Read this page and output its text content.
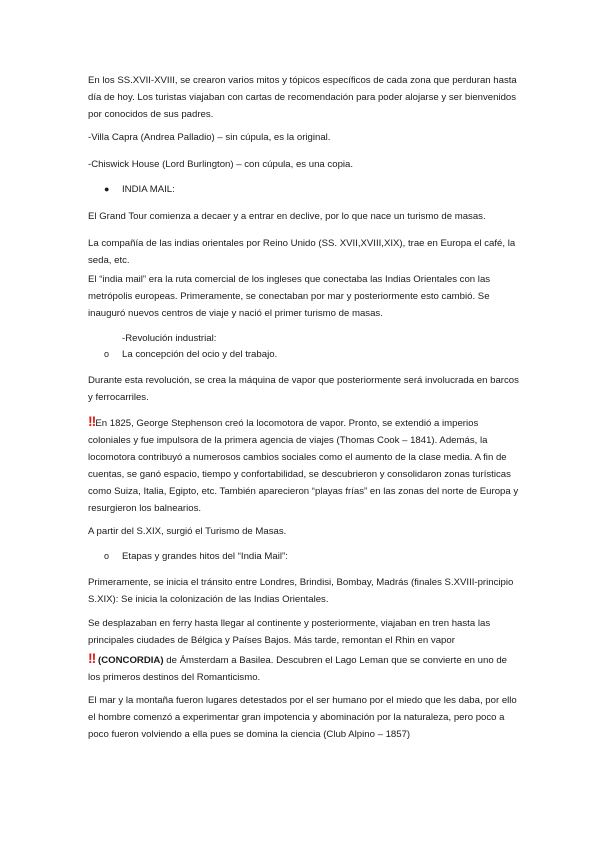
En los SS.XVII-XVIII, se crearon varios mitos y tópicos específicos de cada zona que perduran hasta día de hoy. Los turistas viajaban con cartas de recomendación para poder alojarse y ser bienvenidos por conocidos de sus padres.

-Villa Capra (Andrea Palladio) – sin cúpula, es la original.

-Chiswick House (Lord Burlington) – con cúpula, es una copia.

● INDIA MAIL:

El Grand Tour comienza a decaer y a entrar en declive, por lo que nace un turismo de masas.

La compañía de las indias orientales por Reino Unido (SS. XVII,XVIII,XIX), trae en Europa el café, la seda, etc.

El “india mail” era la ruta comercial de los ingleses que conectaba las Indias Orientales con las metrópolis europeas. Primeramente, se conectaban por mar y posteriormente esto cambió. Se inauguró nuevos centros de viaje y nació el primer turismo de masas.

-Revolución industrial:

o La concepción del ocio y del trabajo.

Durante esta revolución, se crea la máquina de vapor que posteriormente será involucrada en barcos y ferrocarriles.

!!En 1825, George Stephenson creó la locomotora de vapor. Pronto, se extendió a imperios coloniales y fue impulsora de la primera agencia de viajes (Thomas Cook – 1841). Además, la locomotora contribuyó a numerosos cambios sociales como el aumento de la clase media. A fin de cuentas, se ganó espacio, tiempo y confortabilidad, se descubrieron y consolidaron zonas turísticas como Suiza, Italia, Egipto, etc. También aparecieron “playas frías” en las zonas del norte de Europa y resurgieron los balnearios.

A partir del S.XIX, surgió el Turismo de Masas.

o Etapas y grandes hitos del “India Mail”:

Primeramente, se inicia el tránsito entre Londres, Brindisi, Bombay, Madrás (finales S.XVIII-principio S.XIX): Se inicia la colonización de las Indias Orientales.

Se desplazaban en ferry hasta llegar al continente y posteriormente, viajaban en tren hasta las principales ciudades de Bélgica y Países Bajos. Más tarde, remontan el Rhin en vapor

!! (CONCORDIA) de Ámsterdam a Basilea. Descubren el Lago Leman que se convierte en uno de los primeros destinos del Romanticismo.

El mar y la montaña fueron lugares detestados por el ser humano por el miedo que les daba, por ello el hombre comenzó a experimentar gran impotencia y abominación por la naturaleza, pero poco a poco fueron volviendo a ella pues se domina la ciencia (Club Alpino – 1857)
